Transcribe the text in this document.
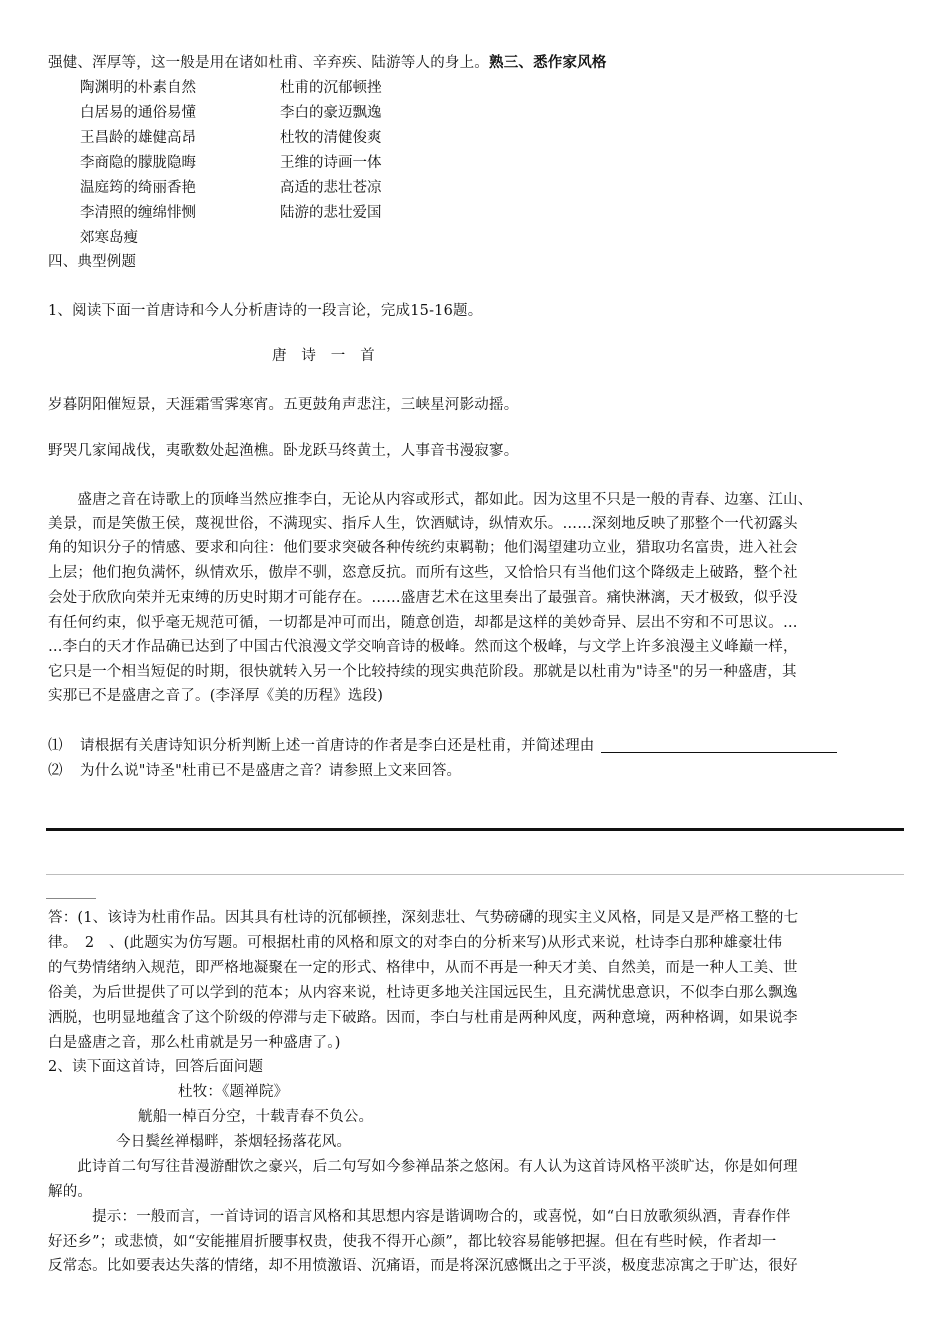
强健、浑厚等，这一般是用在诸如杜甫、辛弃疾、陆游等人的身上。熟三、悉作家风格
陶渊明的朴素自然	杜甫的沉郁顿挫
白居易的通俗易懂	李白的豪迈飘逸
王昌龄的雄健高昂	杜牧的清健俊爽
李商隐的朦胧隐晦	王维的诗画一体
温庭筠的绮丽香艳	高适的悲壮苍凉
李清照的缠绵悱恻	陆游的悲壮爱国
郊寒岛瘦
四、典型例题
1、阅读下面一首唐诗和今人分析唐诗的一段言论，完成15-16题。
唐　诗　一　首
岁暮阴阳催短景，天涯霜雪霁寒宵。五更鼓角声悲注，三峡星河影动摇。
野哭几家闻战伐，夷歌数处起渔樵。卧龙跃马终黄土，人事音书漫寂寥。
　　盛唐之音在诗歌上的顶峰当然应推李白，无论从内容或形式，都如此。因为这里不只是一般的青春、边塞、江山、
美景，而是笑傲王侯，蔑视世俗，不满现实、指斥人生，饮酒赋诗，纵情欢乐。……深刻地反映了那整个一代初露头
角的知识分子的情感、要求和向往：他们要求突破各种传统约束羁勒；他们渴望建功立业，猎取功名富贵，进入社会
上层；他们抱负满怀，纵情欢乐，傲岸不驯，恣意反抗。而所有这些，又恰恰只有当他们这个降级走上破路，整个社
会处于欣欣向荣并无束缚的历史时期才可能存在。……盛唐艺术在这里奏出了最强音。痛快淋漓，天才极致，似乎没
有任何约束，似乎毫无规范可循，一切都是冲可而出，随意创造，却都是这样的美妙奇异、层出不穷和不可思议。…
…李白的天才作品确已达到了中国古代浪漫文学交响音诗的极峰。然而这个极峰，与文学上许多浪漫主义峰巅一样，
它只是一个相当短促的时期，很快就转入另一个比较持续的现实典范阶段。那就是以杜甫为"诗圣"的另一种盛唐，其
实那已不是盛唐之音了。(李泽厚《美的历程》选段)
⑴ 请根据有关唐诗知识分析判断上述一首唐诗的作者是李白还是杜甫，并简述理由
⑵ 为什么说"诗圣"杜甫已不是盛唐之音？请参照上文来回答。
答：(1、该诗为杜甫作品。因其具有杜诗的沉郁顿挫，深刻悲壮、气势磅礴的现实主义风格，同是又是严格工整的七
律。　2　、(此题实为仿写题。可根据杜甫的风格和原文的对李白的分析来写)从形式来说，杜诗李白那种雄豪壮伟
的气势情绪纳入规范，即严格地凝聚在一定的形式、格律中，从而不再是一种天才美、自然美，而是一种人工美、世
俗美，为后世提供了可以学到的范本；从内容来说，杜诗更多地关注国远民生，且充满忧患意识，不似李白那么飘逸
洒脱，也明显地蕴含了这个阶级的停滞与走下破路。因而，李白与杜甫是两种风度，两种意境，两种格调，如果说李
白是盛唐之音，那么杜甫就是另一种盛唐了。)
2、读下面这首诗，回答后面问题
杜牧：《题禅院》
觥船一棹百分空，十载青春不负公。
今日鬓丝禅榻畔，茶烟轻扬落花风。
　　此诗首二句写往昔漫游酣饮之豪兴，后二句写如今参禅品茶之悠闲。有人认为这首诗风格平淡旷达，你是如何理
解的。
　　　提示：一般而言，一首诗词的语言风格和其思想内容是谐调吻合的，或喜悦，如“白日放歌须纵酒，青春作伴
好还乡”；或悲愤，如“安能摧眉折腰事权贵，使我不得开心颜”，都比较容易能够把握。但在有些时候，作者却一
反常态。比如要表达失落的情绪，却不用愤激语、沉痛语，而是将深沉感慨出之于平淡，极度悲凉寓之于旷达，很好
